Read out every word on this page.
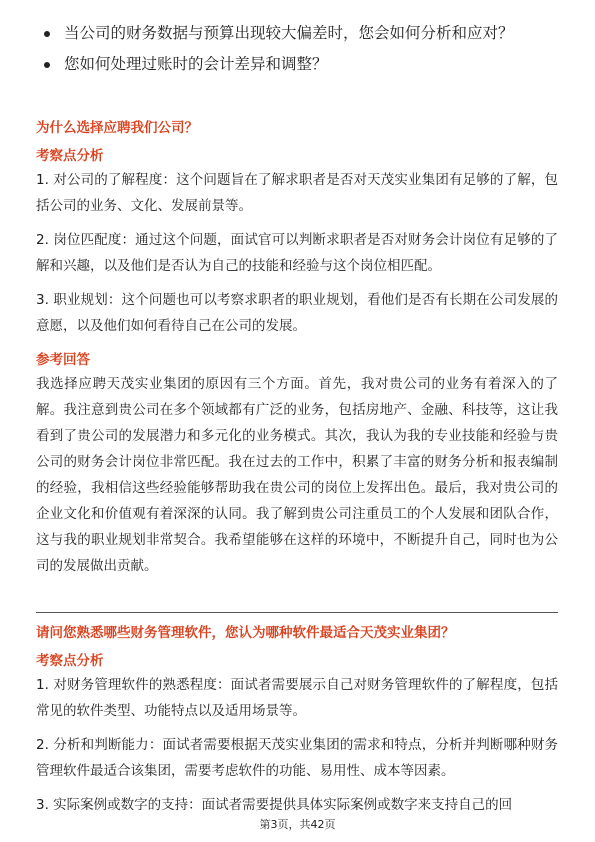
当公司的财务数据与预算出现较大偏差时，您会如何分析和应对？
您如何处理过账时的会计差异和调整？
为什么选择应聘我们公司？
考察点分析

1. 对公司的了解程度：这个问题旨在了解求职者是否对天茂实业集团有足够的了解，包括公司的业务、文化、发展前景等。

2. 岗位匹配度：通过这个问题，面试官可以判断求职者是否对财务会计岗位有足够的了解和兴趣，以及他们是否认为自己的技能和经验与这个岗位相匹配。

3. 职业规划：这个问题也可以考察求职者的职业规划，看他们是否有长期在公司发展的意愿，以及他们如何看待自己在公司的发展。

参考回答

我选择应聘天茂实业集团的原因有三个方面。首先，我对贵公司的业务有着深入的了解。我注意到贵公司在多个领域都有广泛的业务，包括房地产、金融、科技等，这让我看到了贵公司的发展潜力和多元化的业务模式。其次，我认为我的专业技能和经验与贵公司的财务会计岗位非常匹配。我在过去的工作中，积累了丰富的财务分析和报表编制的经验，我相信这些经验能够帮助我在贵公司的岗位上发挥出色。最后，我对贵公司的企业文化和价值观有着深深的认同。我了解到贵公司注重员工的个人发展和团队合作，这与我的职业规划非常契合。我希望能够在这样的环境中，不断提升自己，同时也为公司的发展做出贡献。

请问您熟悉哪些财务管理软件，您认为哪种软件最适合天茂实业集团？
考察点分析

1. 对财务管理软件的熟悉程度：面试者需要展示自己对财务管理软件的了解程度，包括常见的软件类型、功能特点以及适用场景等。

2. 分析和判断能力：面试者需要根据天茂实业集团的需求和特点，分析并判断哪种财务管理软件最适合该集团，需要考虑软件的功能、易用性、成本等因素。

3. 实际案例或数字的支持：面试者需要提供具体实际案例或数字来支持自己的回

第3页，共42页
